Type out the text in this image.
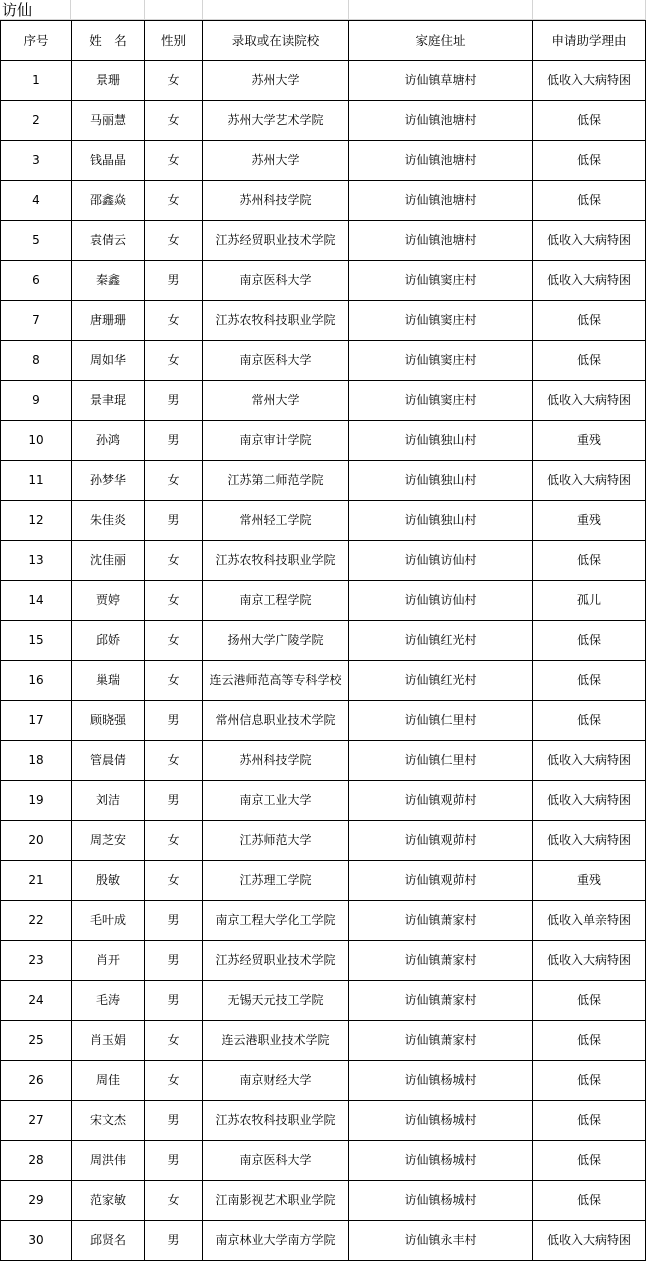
访仙
序号	姓　名	性别	录取或在读院校	家庭住址	申请助学理由
1	景珊	女	苏州大学	访仙镇草塘村	低收入大病特困
2	马丽慧	女	苏州大学艺术学院	访仙镇池塘村	低保
3	钱晶晶	女	苏州大学	访仙镇池塘村	低保
4	邵鑫焱	女	苏州科技学院	访仙镇池塘村	低保
5	袁倩云	女	江苏经贸职业技术学院	访仙镇池塘村	低收入大病特困
6	秦鑫	男	南京医科大学	访仙镇窦庄村	低收入大病特困
7	唐珊珊	女	江苏农牧科技职业学院	访仙镇窦庄村	低保
8	周如华	女	南京医科大学	访仙镇窦庄村	低保
9	景聿琨	男	常州大学	访仙镇窦庄村	低收入大病特困
10	孙鸿	男	南京审计学院	访仙镇独山村	重残
11	孙梦华	女	江苏第二师范学院	访仙镇独山村	低收入大病特困
12	朱佳炎	男	常州轻工学院	访仙镇独山村	重残
13	沈佳丽	女	江苏农牧科技职业学院	访仙镇访仙村	低保
14	贾婷	女	南京工程学院	访仙镇访仙村	孤儿
15	邱娇	女	扬州大学广陵学院	访仙镇红光村	低保
16	巢瑞	女	连云港师范高等专科学校	访仙镇红光村	低保
17	顾晓强	男	常州信息职业技术学院	访仙镇仁里村	低保
18	管晨倩	女	苏州科技学院	访仙镇仁里村	低收入大病特困
19	刘洁	男	南京工业大学	访仙镇观茆村	低收入大病特困
20	周芝安	女	江苏师范大学	访仙镇观茆村	低收入大病特困
21	殷敏	女	江苏理工学院	访仙镇观茆村	重残
22	毛叶成	男	南京工程大学化工学院	访仙镇萧家村	低收入单亲特困
23	肖开	男	江苏经贸职业技术学院	访仙镇萧家村	低收入大病特困
24	毛涛	男	无锡天元技工学院	访仙镇萧家村	低保
25	肖玉娟	女	连云港职业技术学院	访仙镇萧家村	低保
26	周佳	女	南京财经大学	访仙镇杨城村	低保
27	宋文杰	男	江苏农牧科技职业学院	访仙镇杨城村	低保
28	周洪伟	男	南京医科大学	访仙镇杨城村	低保
29	范家敏	女	江南影视艺术职业学院	访仙镇杨城村	低保
30	邱贤名	男	南京林业大学南方学院	访仙镇永丰村	低收入大病特困
